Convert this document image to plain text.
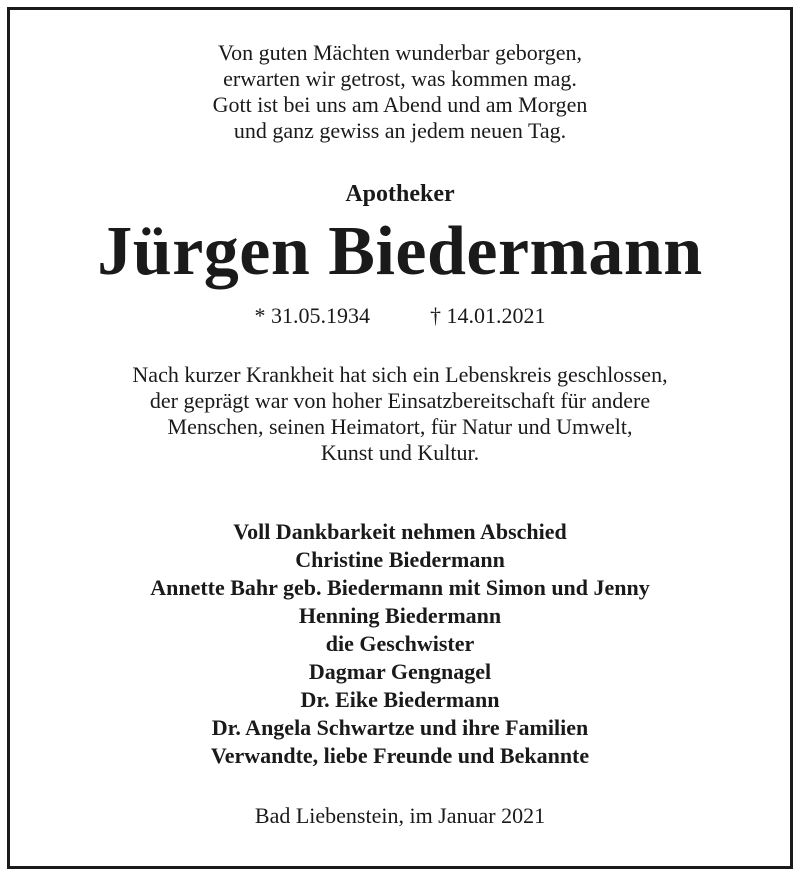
Von guten Mächten wunderbar geborgen,
erwarten wir getrost, was kommen mag.
Gott ist bei uns am Abend und am Morgen
und ganz gewiss an jedem neuen Tag.
Apotheker
Jürgen Biedermann
* 31.05.1934	† 14.01.2021
Nach kurzer Krankheit hat sich ein Lebenskreis geschlossen,
der geprägt war von hoher Einsatzbereitschaft für andere
Menschen, seinen Heimatort, für Natur und Umwelt,
Kunst und Kultur.
Voll Dankbarkeit nehmen Abschied
Christine Biedermann
Annette Bahr geb. Biedermann mit Simon und Jenny
Henning Biedermann
die Geschwister
Dagmar Gengnagel
Dr. Eike Biedermann
Dr. Angela Schwartze und ihre Familien
Verwandte, liebe Freunde und Bekannte
Bad Liebenstein, im Januar 2021
